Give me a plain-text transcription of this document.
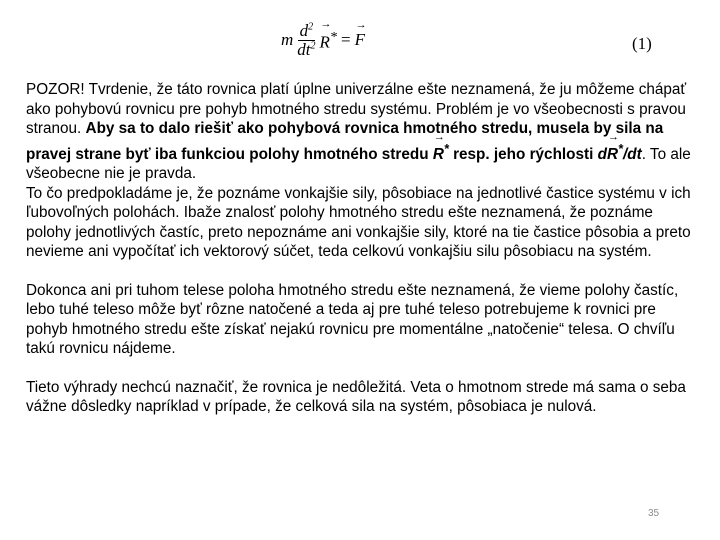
m $\frac{d^2}{dt^2}$
→ R* =
→ F	(1)

POZOR! Tvrdenie, že táto rovnica platí úplne univerzálne ešte neznamená, že ju môžeme chápať ako pohybovú rovnicu pre pohyb hmotného stredu systému. Problém je vo všeobecnosti s pravou stranou. Aby sa to dalo riešiť ako pohybová rovnica hmotného stredu, musela by sila na pravej strane byť iba funkciou polohy hmotného stredu → R* resp. jeho rýchlosti d→ R*/dt. To ale všeobecne nie je pravda.

To čo predpokladáme je, že poznáme vonkajšie sily, pôsobiace na jednotlivé častice systému v ich ľubovoľných polohách. Ibaže znalosť polohy hmotného stredu ešte neznamená, že poznáme polohy jednotlivých častíc, preto nepoznáme ani vonkajšie sily, ktoré na tie častice pôsobia a preto nevieme ani vypočítať ich vektorový súčet, teda celkovú vonkajšiu silu pôsobiacu na systém.

Dokonca ani pri tuhom telese poloha hmotného stredu ešte neznamená, že vieme polohy častíc, lebo tuhé teleso môže byť rôzne natočené a teda aj pre tuhé teleso potrebujeme k rovnici pre pohyb hmotného stredu ešte získať nejakú rovnicu pre momentálne „natočenie“ telesa. O chvíľu takú rovnicu nájdeme.

Tieto výhrady nechcú naznačiť, že rovnica je nedôležitá. Veta o hmotnom strede má sama o seba vážne dôsledky napríklad v prípade, že celková sila na systém, pôsobiaca je nulová.

35
